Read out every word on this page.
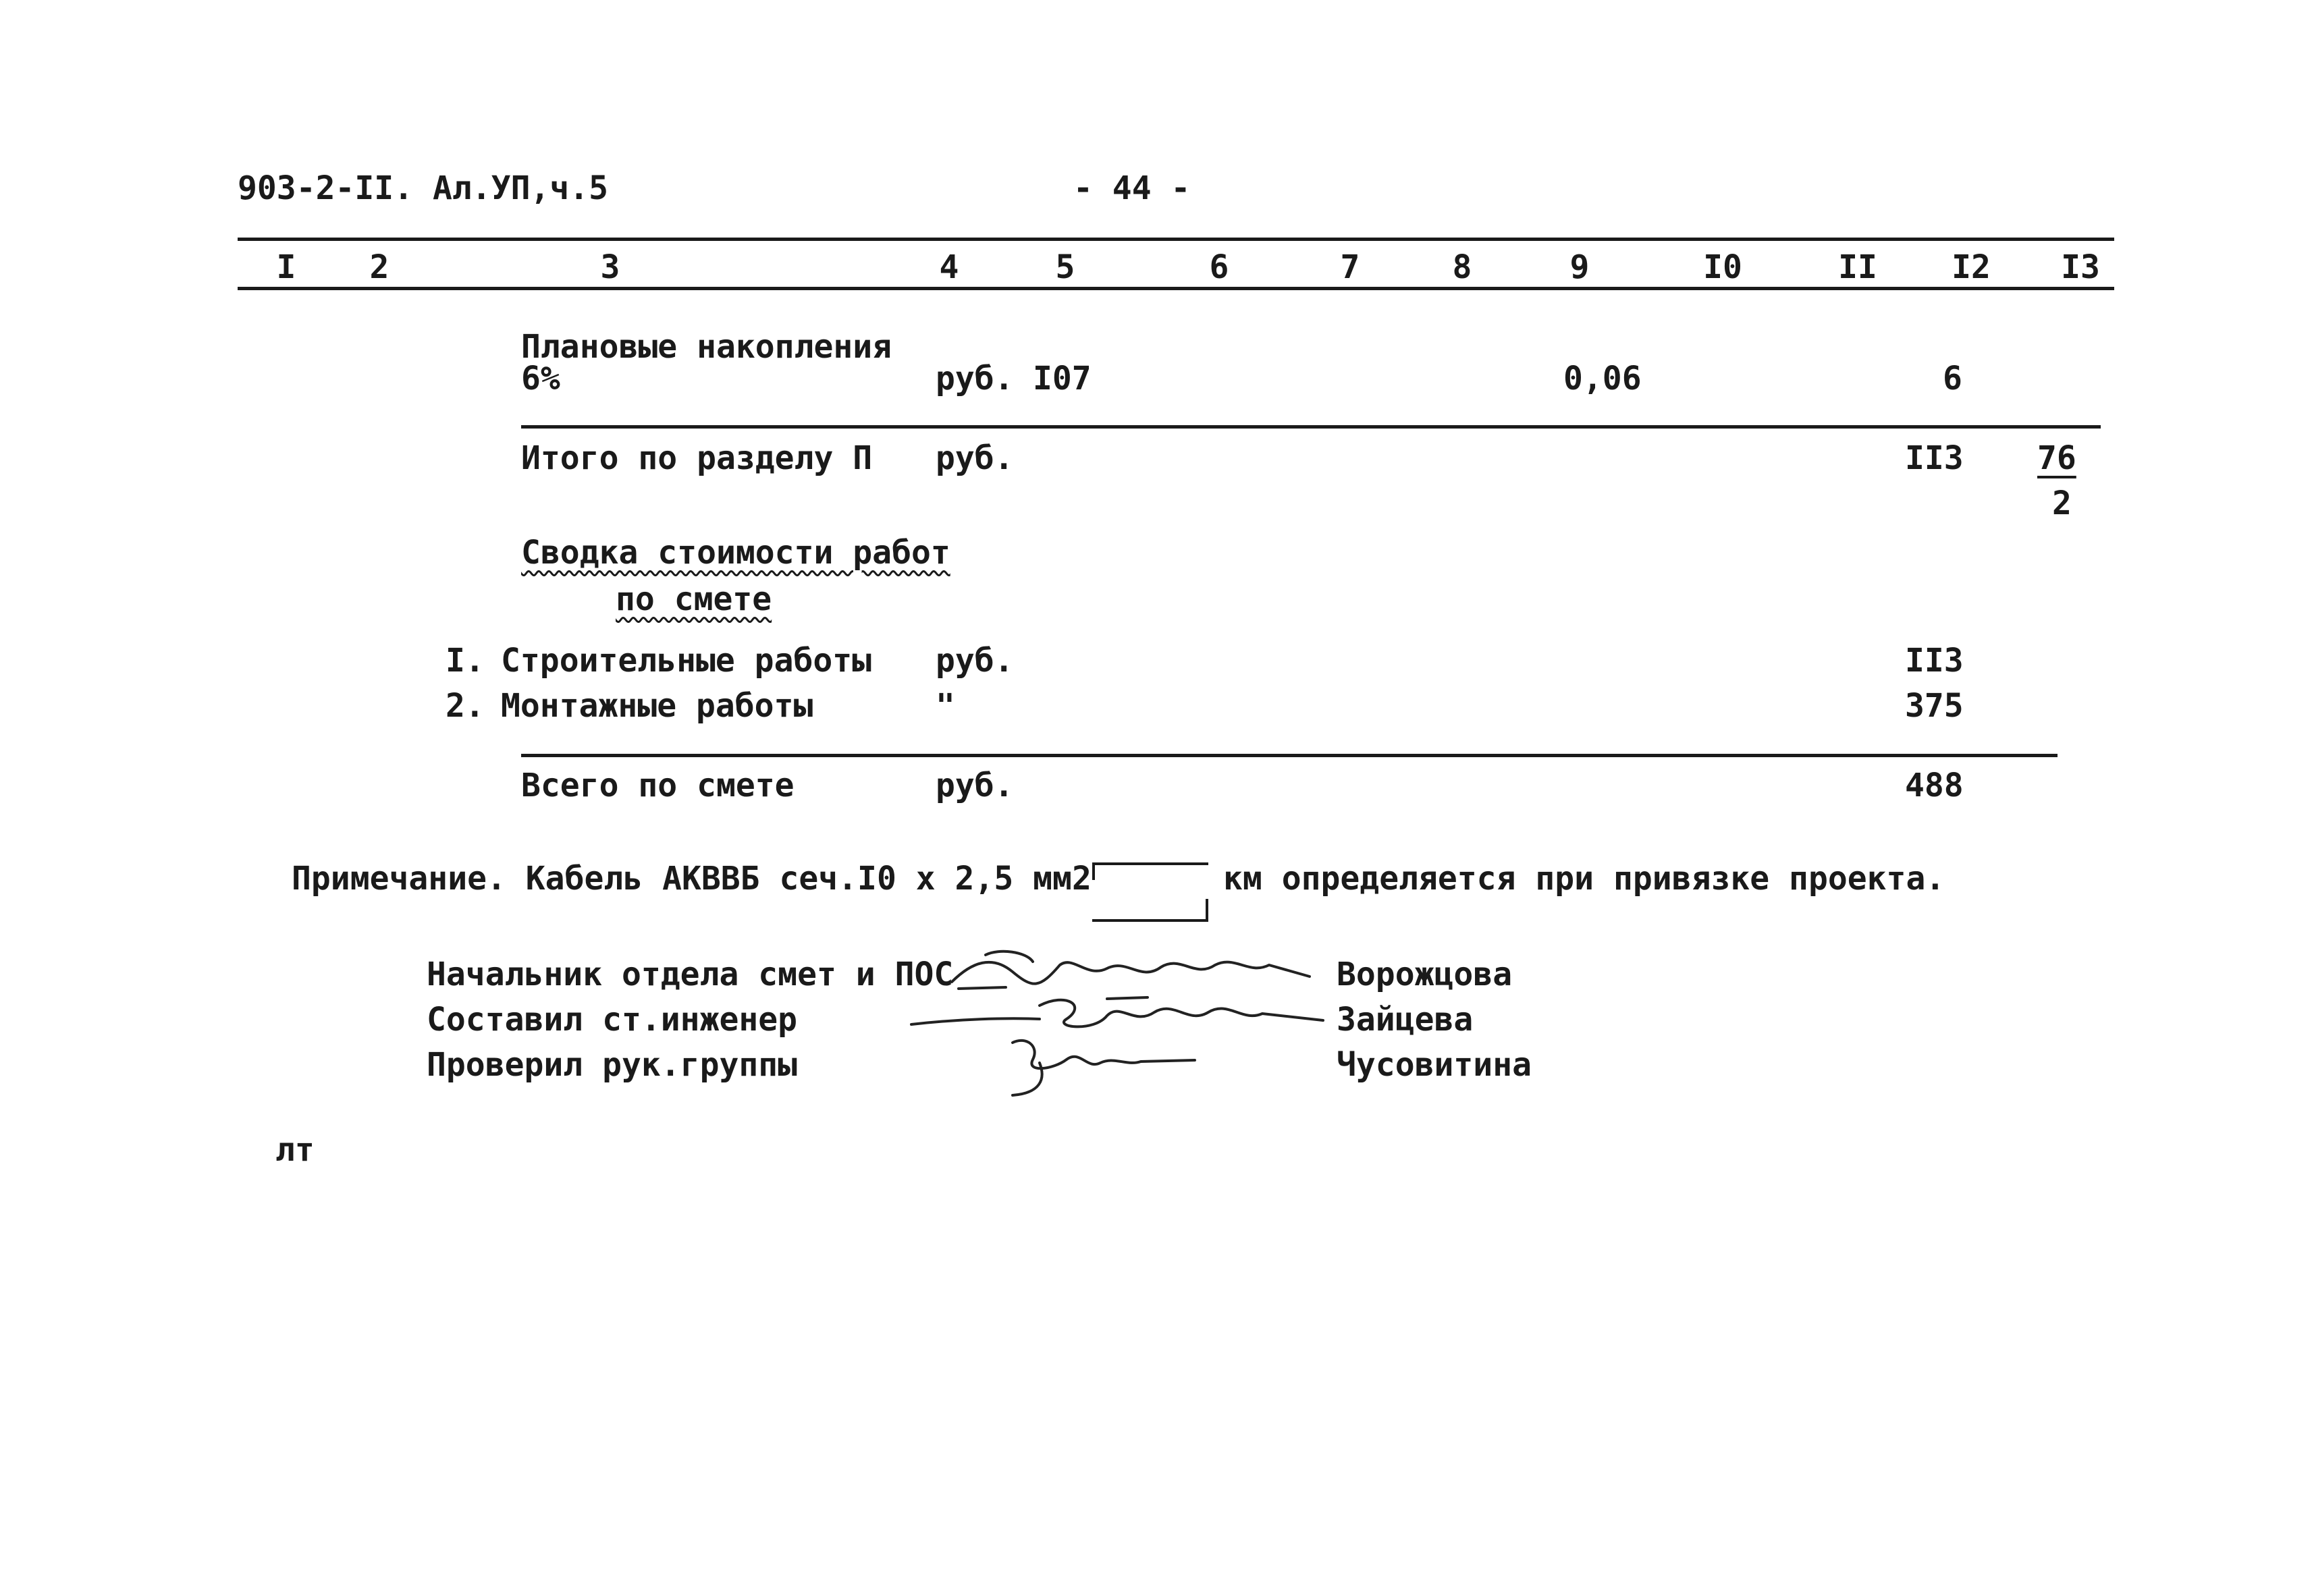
903-2-II. Ал.УП,ч.5	- 44 -
I	2	3	4	5	6	7	8	9	I0	II I2 I3
Плановые накопления
6%	руб. I07	0,06	6
Итого по разделу П руб.	II3 76
2
Сводка стоимости работ
по смете
I. Строительные работы руб.	II3
2. Монтажные работы	"	375
Всего по смете	руб.	488
Примечание. Кабель АКВВБ сеч.I0 х 2,5 мм2	км определяется при привязке проекта.
Начальник отдела смет и ПОС	Ворожцова
Составил ст.инженер	Зайцева
Проверил рук.группы	Чусовитина
лт
